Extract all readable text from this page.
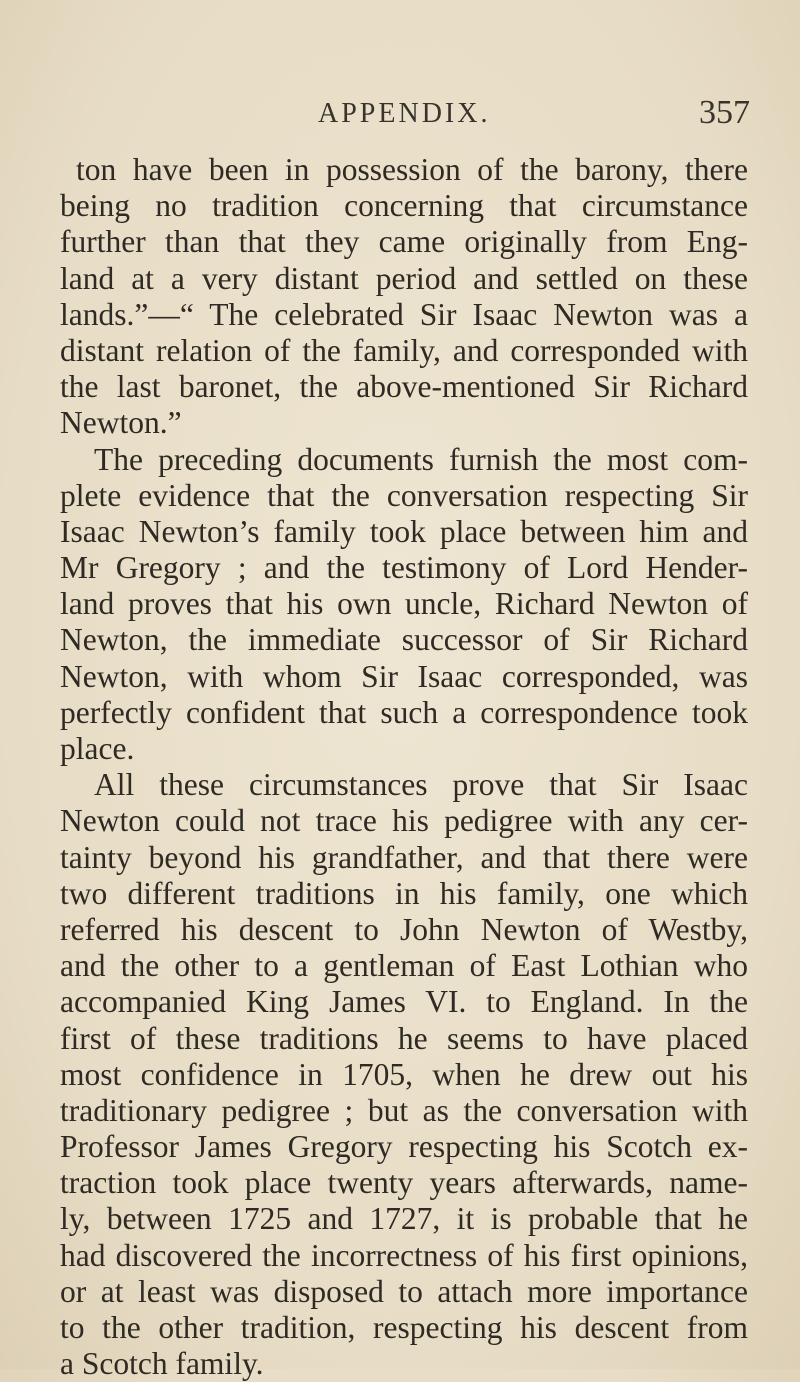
APPENDIX.	357
ton have been in possession of the barony, there
being no tradition concerning that circumstance
further than that they came originally from Eng-
land at a very distant period and settled on these
lands.”—“ The celebrated Sir Isaac Newton was a
distant relation of the family, and corresponded with
the last baronet, the above-mentioned Sir Richard
Newton.”
The preceding documents furnish the most com-
plete evidence that the conversation respecting Sir
Isaac Newton’s family took place between him and
Mr Gregory ; and the testimony of Lord Hender-
land proves that his own uncle, Richard Newton of
Newton, the immediate successor of Sir Richard
Newton, with whom Sir Isaac corresponded, was
perfectly confident that such a correspondence took
place.
All these circumstances prove that Sir Isaac
Newton could not trace his pedigree with any cer-
tainty beyond his grandfather, and that there were
two different traditions in his family, one which
referred his descent to John Newton of Westby,
and the other to a gentleman of East Lothian who
accompanied King James VI. to England. In the
first of these traditions he seems to have placed
most confidence in 1705, when he drew out his
traditionary pedigree ; but as the conversation with
Professor James Gregory respecting his Scotch ex-
traction took place twenty years afterwards, name-
ly, between 1725 and 1727, it is probable that he
had discovered the incorrectness of his first opinions,
or at least was disposed to attach more importance
to the other tradition, respecting his descent from
a Scotch family.
